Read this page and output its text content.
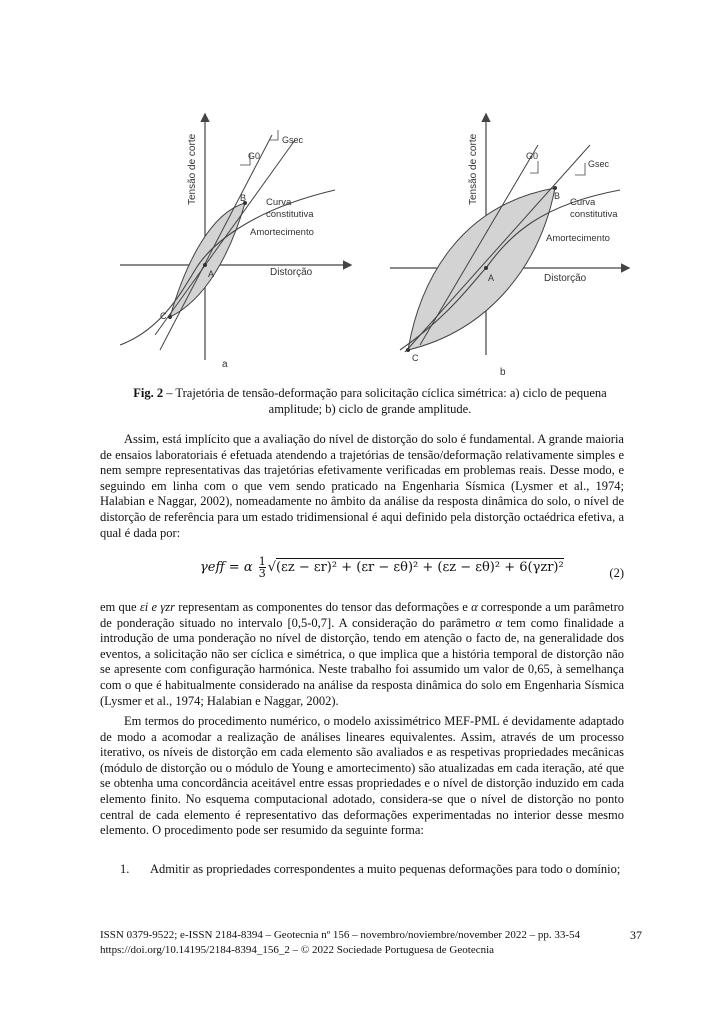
Tensão de corte
Distorção
Gsec
G0
A
B
C
Curva
constitutiva
Amortecimento
a
Tensão de corte
Distorção
Gsec
G0
A
B
C
Curva
constitutiva
Amortecimento
b
Fig. 2 – Trajetória de tensão-deformação para solicitação cíclica simétrica: a) ciclo de pequena amplitude; b) ciclo de grande amplitude.
Assim, está implícito que a avaliação do nível de distorção do solo é fundamental. A grande maioria de ensaios laboratoriais é efetuada atendendo a trajetórias de tensão/deformação relativamente simples e nem sempre representativas das trajetórias efetivamente verificadas em problemas reais. Desse modo, e seguindo em linha com o que vem sendo praticado na Engenharia Sísmica (Lysmer et al., 1974; Halabian e Naggar, 2002), nomeadamente no âmbito da análise da resposta dinâmica do solo, o nível de distorção de referência para um estado tridimensional é aqui definido pela distorção octaédrica efetiva, a qual é dada por:
γeff = α $\frac{1}{3} √(\varepsilon z - \varepsilon r)^2 + (\varepsilon r - \varepsilon\theta)^2 + (\varepsilon z - \varepsilon\theta)^2 + 6(\gamma zr)^2$	(2)
em que εi e γzr representam as componentes do tensor das deformações e α corresponde a um parâmetro de ponderação situado no intervalo [0,5-0,7]. A consideração do parâmetro α tem como finalidade a introdução de uma ponderação no nível de distorção, tendo em atenção o facto de, na generalidade dos eventos, a solicitação não ser cíclica e simétrica, o que implica que a história temporal de distorção não se apresente com configuração harmónica. Neste trabalho foi assumido um valor de 0,65, à semelhança com o que é habitualmente considerado na análise da resposta dinâmica do solo em Engenharia Sísmica (Lysmer et al., 1974; Halabian e Naggar, 2002).
Em termos do procedimento numérico, o modelo axissimétrico MEF-PML é devidamente adaptado de modo a acomodar a realização de análises lineares equivalentes. Assim, através de um processo iterativo, os níveis de distorção em cada elemento são avaliados e as respetivas propriedades mecânicas (módulo de distorção ou o módulo de Young e amortecimento) são atualizadas em cada iteração, até que se obtenha uma concordância aceitável entre essas propriedades e o nível de distorção induzido em cada elemento finito. No esquema computacional adotado, considera-se que o nível de distorção no ponto central de cada elemento é representativo das deformações experimentadas no interior desse mesmo elemento. O procedimento pode ser resumido da seguinte forma:
1.	Admitir as propriedades correspondentes a muito pequenas deformações para todo o domínio;
ISSN 0379-9522; e-ISSN 2184-8394 – Geotecnia nº 156 – novembro/noviembre/november 2022 – pp. 33-54
https://doi.org/10.14195/2184-8394_156_2 – © 2022 Sociedade Portuguesa de Geotecnia
37
